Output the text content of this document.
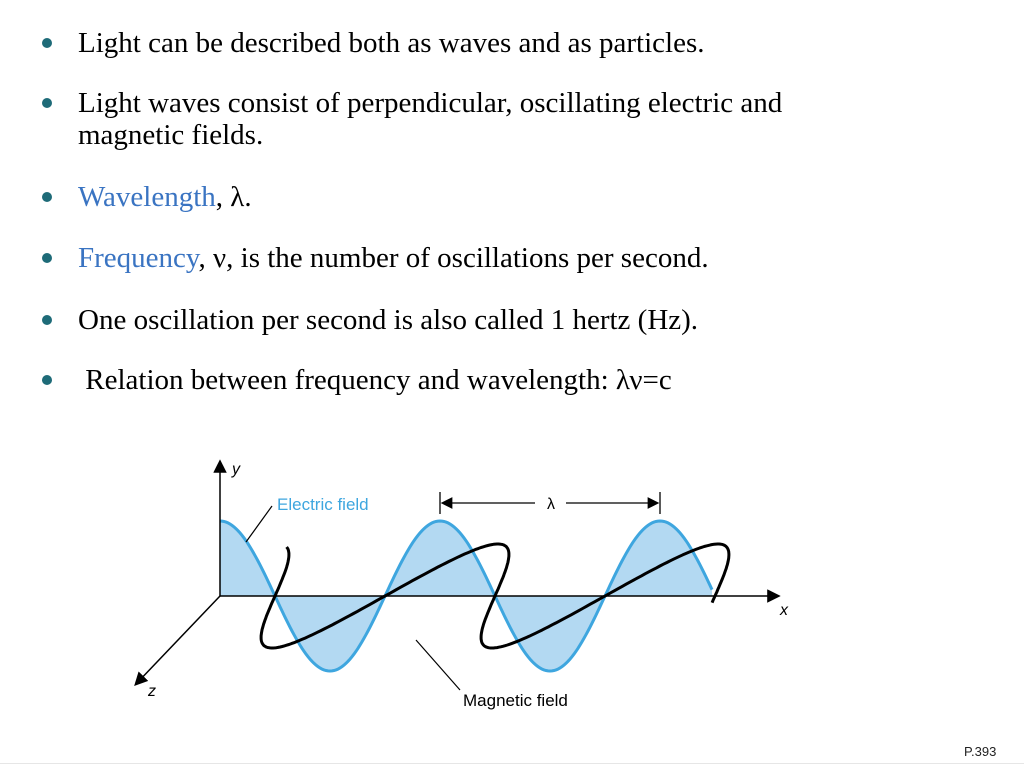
Light can be described both as waves and as particles.
Light waves consist of perpendicular, oscillating electric and
magnetic fields.
Wavelength, λ.
Frequency, ν, is the number of oscillations per second.
One oscillation per second is also called 1 hertz (Hz).
Relation between frequency and wavelength: λν=c
λ
y
x
z
Electric field
Magnetic field
P.393
